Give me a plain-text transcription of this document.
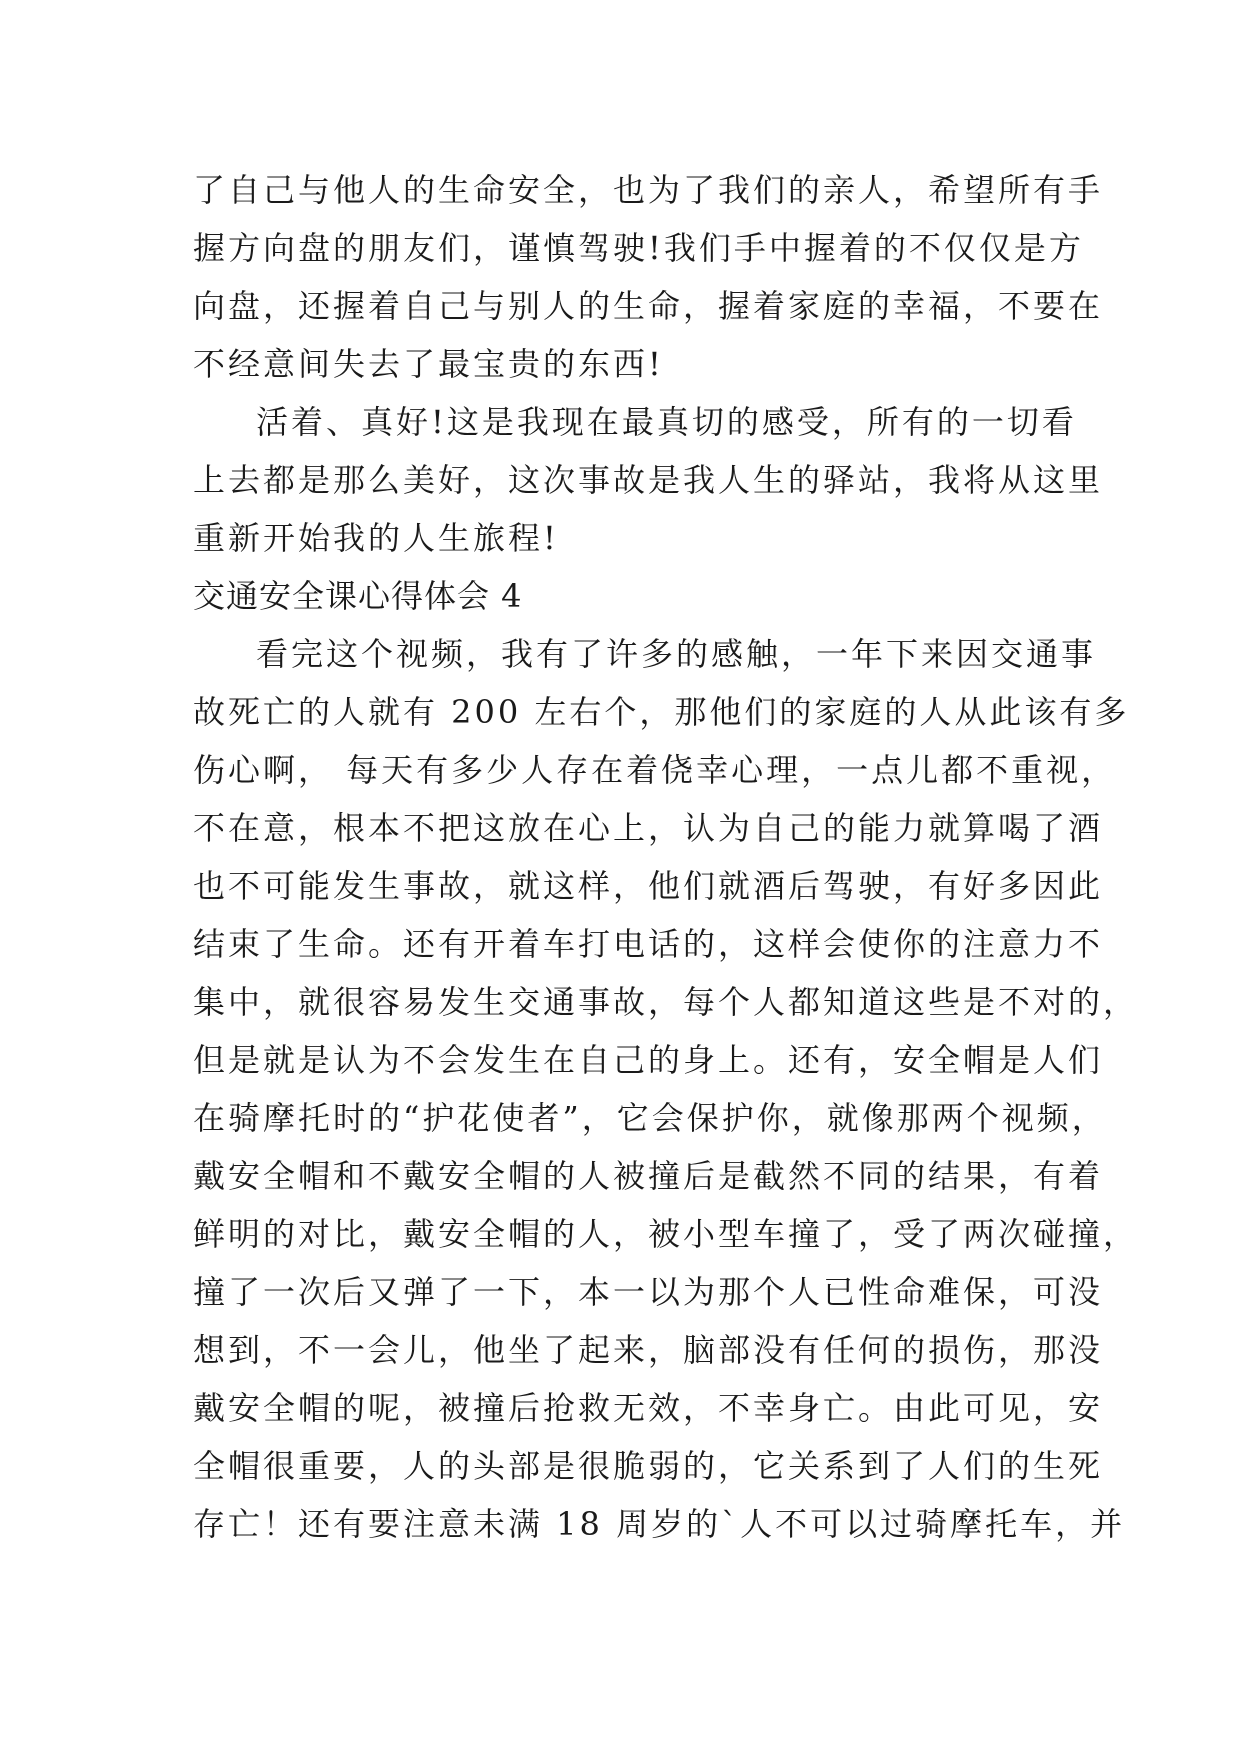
了自己与他人的生命安全，也为了我们的亲人，希望所有手
握方向盘的朋友们，谨慎驾驶!我们手中握着的不仅仅是方
向盘，还握着自己与别人的生命，握着家庭的幸福，不要在
不经意间失去了最宝贵的东西!
活着、真好!这是我现在最真切的感受，所有的一切看
上去都是那么美好，这次事故是我人生的驿站，我将从这里
重新开始我的人生旅程!
交通安全课心得体会 4
看完这个视频，我有了许多的感触，一年下来因交通事
故死亡的人就有 200 左右个，那他们的家庭的人从此该有多
伤心啊， 每天有多少人存在着侥幸心理，一点儿都不重视，
不在意，根本不把这放在心上，认为自己的能力就算喝了酒
也不可能发生事故，就这样，他们就酒后驾驶，有好多因此
结束了生命。还有开着车打电话的，这样会使你的注意力不
集中，就很容易发生交通事故，每个人都知道这些是不对的，
但是就是认为不会发生在自己的身上。还有，安全帽是人们
在骑摩托时的“护花使者”，它会保护你，就像那两个视频，
戴安全帽和不戴安全帽的人被撞后是截然不同的结果，有着
鲜明的对比，戴安全帽的人，被小型车撞了，受了两次碰撞，
撞了一次后又弹了一下，本一以为那个人已性命难保，可没
想到，不一会儿，他坐了起来，脑部没有任何的损伤，那没
戴安全帽的呢，被撞后抢救无效，不幸身亡。由此可见，安
全帽很重要，人的头部是很脆弱的，它关系到了人们的生死
存亡！还有要注意未满 18 周岁的`人不可以过骑摩托车，并
